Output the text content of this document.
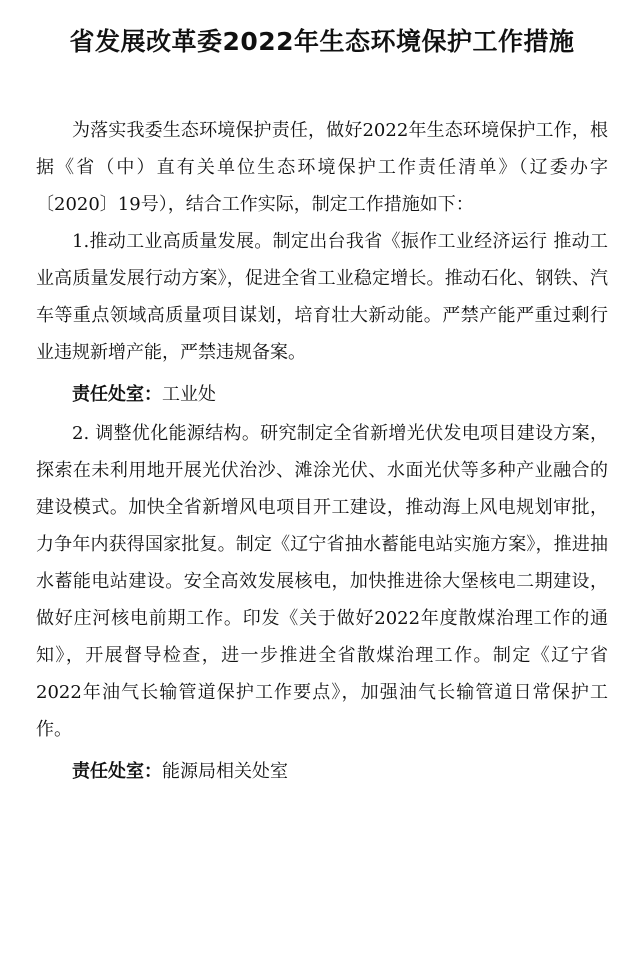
省发展改革委2022年生态环境保护工作措施

为落实我委生态环境保护责任，做好2022年生态环境保护工作，根据《省（中）直有关单位生态环境保护工作责任清单》（辽委办字〔2020〕19号），结合工作实际，制定工作措施如下：

1.推动工业高质量发展。制定出台我省《振作工业经济运行 推动工业高质量发展行动方案》，促进全省工业稳定增长。推动石化、钢铁、汽车等重点领域高质量项目谋划，培育壮大新动能。严禁产能严重过剩行业违规新增产能，严禁违规备案。

责任处室：工业处

2. 调整优化能源结构。研究制定全省新增光伏发电项目建设方案，探索在未利用地开展光伏治沙、滩涂光伏、水面光伏等多种产业融合的建设模式。加快全省新增风电项目开工建设，推动海上风电规划审批，力争年内获得国家批复。制定《辽宁省抽水蓄能电站实施方案》，推进抽水蓄能电站建设。安全高效发展核电，加快推进徐大堡核电二期建设，做好庄河核电前期工作。印发《关于做好2022年度散煤治理工作的通知》，开展督导检查，进一步推进全省散煤治理工作。制定《辽宁省2022年油气长输管道保护工作要点》，加强油气长输管道日常保护工作。

责任处室：能源局相关处室
